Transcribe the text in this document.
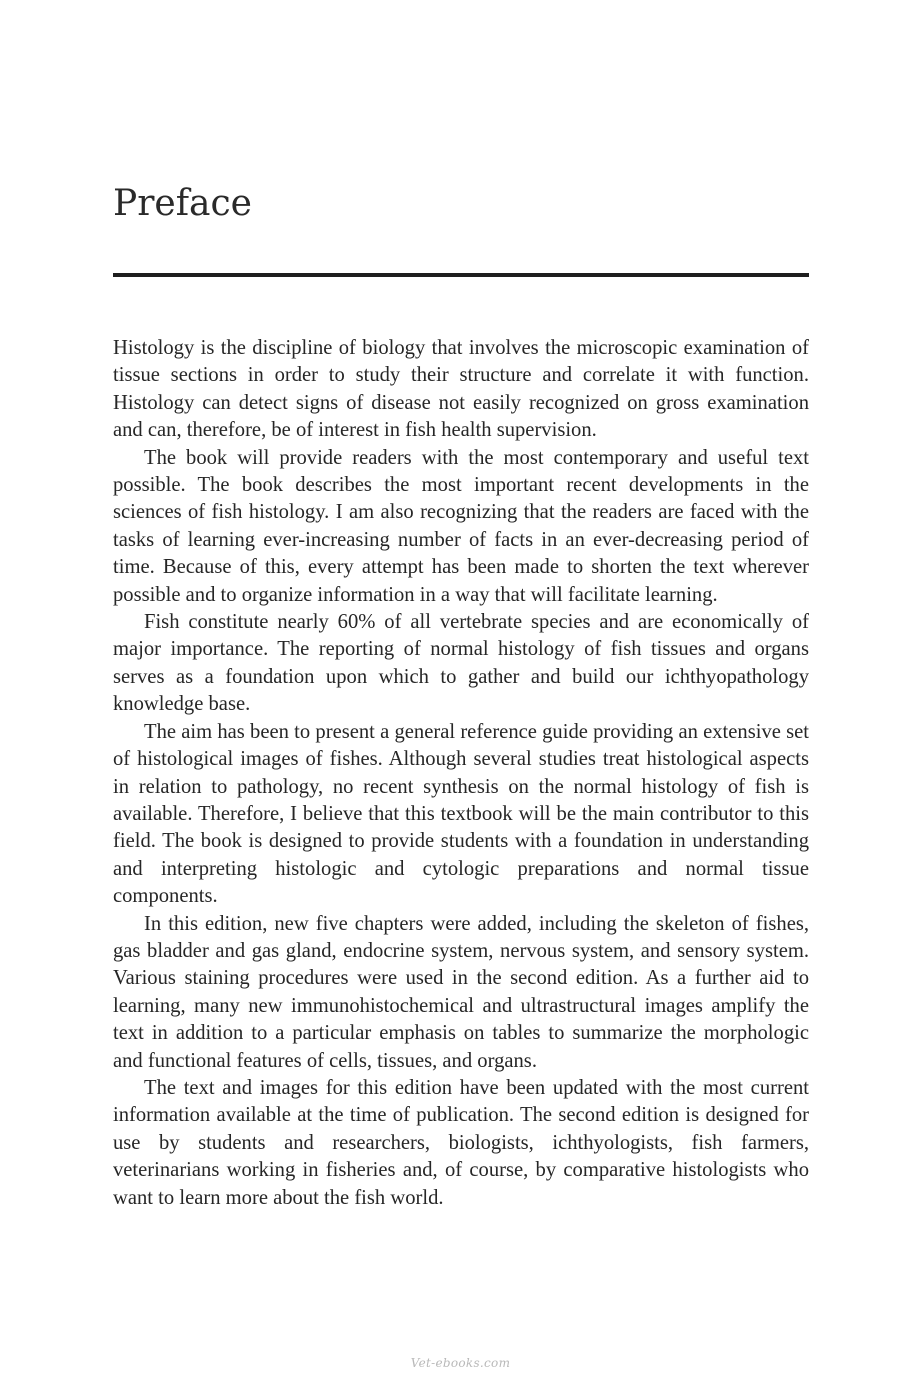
Preface

Histology is the discipline of biology that involves the microscopic examination of tissue sections in order to study their structure and correlate it with function. Histology can detect signs of disease not easily recognized on gross examination and can, therefore, be of interest in fish health supervision.

The book will provide readers with the most contemporary and useful text possible. The book describes the most important recent developments in the sciences of fish histology. I am also recognizing that the readers are faced with the tasks of learning ever-increasing number of facts in an ever-decreasing period of time. Because of this, every attempt has been made to shorten the text wherever possible and to organize information in a way that will facilitate learning.

Fish constitute nearly 60% of all vertebrate species and are economically of major importance. The reporting of normal histology of fish tissues and organs serves as a foundation upon which to gather and build our ichthyopathology knowledge base.

The aim has been to present a general reference guide providing an extensive set of histological images of fishes. Although several studies treat histological aspects in relation to pathology, no recent synthesis on the normal histology of fish is available. Therefore, I believe that this textbook will be the main contributor to this field. The book is designed to provide students with a foundation in understanding and interpreting histologic and cytologic preparations and normal tissue components.

In this edition, new five chapters were added, including the skeleton of fishes, gas bladder and gas gland, endocrine system, nervous system, and sensory system. Various staining procedures were used in the second edition. As a further aid to learning, many new immunohistochemical and ultrastructural images amplify the text in addition to a particular emphasis on tables to summarize the morphologic and functional features of cells, tissues, and organs.

The text and images for this edition have been updated with the most current information available at the time of publication. The second edition is designed for use by students and researchers, biologists, ichthyologists, fish farmers, veterinarians working in fisheries and, of course, by comparative histologists who want to learn more about the fish world.

Vet-ebooks.com
